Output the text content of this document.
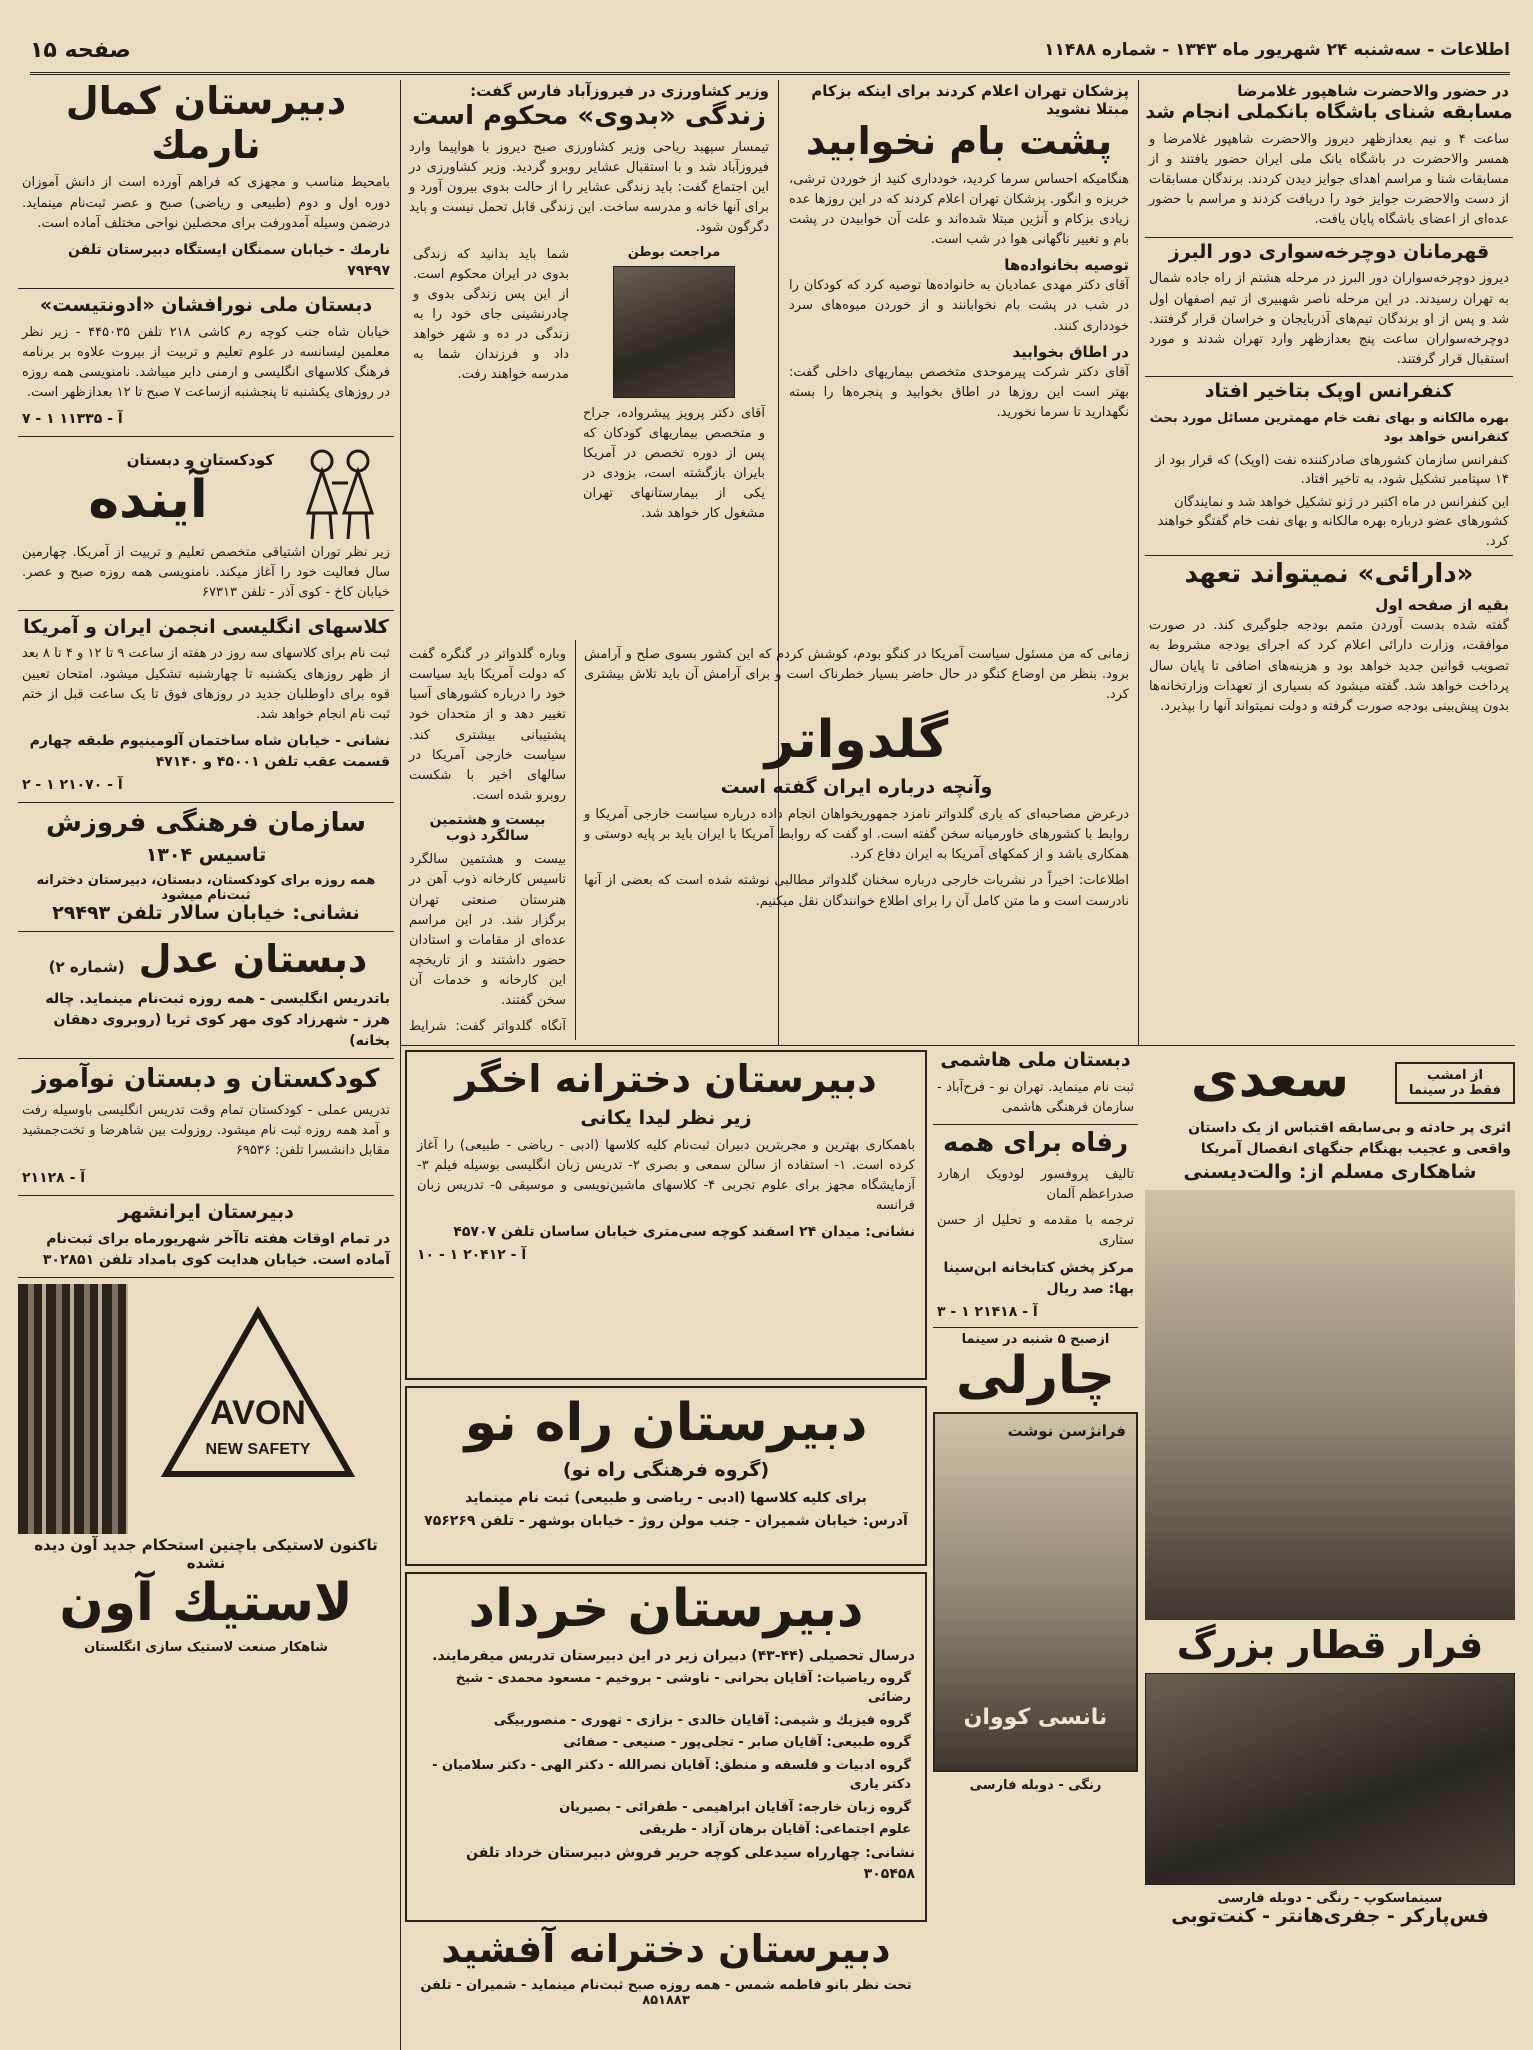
اطلاعات - سه‌شنبه ۲۴ شهریور ماه ۱۳۴۳ - شماره ۱۱۴۸۸
صفحه ۱۵
در حضور والاحضرت شاهپور غلامرضا
مسابقه شنای باشگاه بانکملی انجام شد

ساعت ۴ و نیم بعدازظهر دیروز والاحضرت شاهپور غلامرضا و همسر والاحضرت در باشگاه بانک ملی ایران حضور یافتند و از مسابقات شنا و مراسم اهدای جوایز دیدن کردند. برندگان مسابقات از دست والاحضرت جوایز خود را دریافت کردند و مراسم با حضور عده‌ای از اعضای باشگاه پایان یافت.

قهرمانان دوچرخه‌سواری دور البرز

دیروز دوچرخه‌سواران دور البرز در مرحله هشتم از راه جاده شمال به تهران رسیدند. در این مرحله ناصر شهبیری از تیم اصفهان اول شد و پس از او برندگان تیم‌های آذربایجان و خراسان قرار گرفتند. دوچرخه‌سواران ساعت پنج بعدازظهر وارد تهران شدند و مورد استقبال قرار گرفتند.

کنفرانس اوپک بتاخیر افتاد
بهره مالکانه و بهای نفت خام مهمترین مسائل مورد بحث کنفرانس خواهد بود
کنفرانس سازمان کشورهای صادرکننده نفت (اوپک) که قرار بود از ۱۴ سپتامبر تشکیل شود، به تاخیر افتاد.
این کنفرانس در ماه اکتبر در ژنو تشکیل خواهد شد و نمایندگان کشورهای عضو درباره بهره مالکانه و بهای نفت خام گفتگو خواهند کرد.
«دارائی» نمیتواند تعهد
بقیه از صفحه اول

گفته شده بدست آوردن متمم بودجه جلوگیری کند. در صورت موافقت، وزارت دارائی اعلام کرد که اجرای بودجه مشروط به تصویب قوانین جدید خواهد بود و هزینه‌های اضافی تا پایان سال پرداخت خواهد شد. گفته میشود که بسیاری از تعهدات وزارتخانه‌ها بدون پیش‌بینی بودجه صورت گرفته و دولت نمیتواند آنها را بپذیرد.

پزشکان تهران اعلام کردند برای اینکه بزکام مبتلا نشوید
پشت بام نخوابید

هنگامیکه احساس سرما کردید، خودداری کنید از خوردن ترشی، خربزه و انگور. پزشکان تهران اعلام کردند که در این روزها عده زیادی بزکام و آنژین مبتلا شده‌اند و علت آن خوابیدن در پشت بام و تغییر ناگهانی هوا در شب است.

توصیه بخانواده‌ها

آقای دکتر مهدی عمادیان به خانواده‌ها توصیه کرد که کودکان را در شب در پشت بام نخوابانند و از خوردن میوه‌های سرد خودداری کنند.

در اطاق بخوابید

آقای دکتر شرکت پیرموحدی متخصص بیماریهای داخلی گفت: بهتر است این روزها در اطاق بخوابید و پنجره‌ها را بسته نگهدارید تا سرما نخورید.

وزیر کشاورزی در فیروزآباد فارس گفت:
زندگی «بدوی» محکوم است

تیمسار سپهبد ریاحی وزیر کشاورزی صبح دیروز با هواپیما وارد فیروزآباد شد و با استقبال عشایر روبرو گردید. وزیر کشاورزی در این اجتماع گفت: باید زندگی عشایر را از حالت بدوی بیرون آورد و برای آنها خانه و مدرسه ساخت. این زندگی قابل تحمل نیست و باید دگرگون شود.

مراجعت بوطن

آقای دکتر پرویز پیشرواده، جراح و متخصص بیماریهای کودکان که پس از دوره تخصص در آمریکا بایران بازگشته است، بزودی در یکی از بیمارستانهای تهران مشغول کار خواهد شد.

شما باید بدانید که زندگی بدوی در ایران محکوم است. از این پس زندگی بدوی و چادرنشینی جای خود را به زندگی در ده و شهر خواهد داد و فرزندان شما به مدرسه خواهند رفت.

زمانی که من مسئول سیاست آمریکا در کنگو بودم، کوشش کردم که این کشور بسوی صلح و آرامش برود. بنظر من اوضاع کنگو در حال حاضر بسیار خطرناک است و برای آرامش آن باید تلاش بیشتری کرد.

گلدواتر
وآنچه درباره ایران گفته است

درعرض مصاحبه‌ای که باری گلدواتر نامزد جمهوریخواهان انجام داده درباره سیاست خارجی آمریکا و روابط با کشورهای خاورمیانه سخن گفته است. او گفت که روابط آمریکا با ایران باید بر پایه دوستی و همکاری باشد و از کمکهای آمریکا به ایران دفاع کرد.

اطلاعات: اخیراً در نشریات خارجی درباره سخنان گلدواتر مطالبی نوشته شده است که بعضی از آنها نادرست است و ما متن کامل آن را برای اطلاع خوانندگان نقل میکنیم.

وباره گلدواتر در گنگره گفت که دولت آمریکا باید سیاست خود را درباره کشورهای آسیا تغییر دهد و از متحدان خود پشتیبانی بیشتری کند. سیاست خارجی آمریکا در سالهای اخیر با شکست روبرو شده است.

بیست و هشتمین سالگرد ذوب

بیست و هشتمین سالگرد تاسیس کارخانه ذوب آهن در هنرستان صنعتی تهران برگزار شد. در این مراسم عده‌ای از مقامات و استادان حضور داشتند و از تاریخچه این کارخانه و خدمات آن سخن گفتند.

آنگاه گلدواتر گفت: شرایط

دبیرستان کمال نارمك

بامحیط مناسب و مجهزی که فراهم آورده است از دانش آموزان دوره اول و دوم (طبیعی و ریاضی) صبح و عصر ثبت‌نام مینماید. درضمن وسیله آمدورفت برای محصلین نواحی مختلف آماده است.

نارمك - خیابان سمنگان ایستگاه دبیرستان تلفن ۷۹۴۹۷
دبستان ملی نورافشان «ادونتیست»

خیابان شاه جنب کوچه رم کاشی ۲۱۸ تلفن ۴۴۵۰۳۵ - زیر نظر معلمین لیسانسه در علوم تعلیم و تربیت از بیروت علاوه بر برنامه فرهنگ کلاسهای انگلیسی و ارمنی دایر میباشد. نامنویسی همه روزه در روزهای یکشنبه تا پنجشنبه ازساعت ۷ صبح تا ۱۲ بعدازظهر است.

آ - ۱۱۳۳۵ ۱ - ۷
کودکستان و دبستان
آینده

زیر نظر توران اشتیاقی متخصص تعلیم و تربیت از آمریکا. چهارمین سال فعالیت خود را آغاز میکند. نامنویسی همه روزه صبح و عصر. خیابان کاخ - کوی آذر - تلفن ۶۷۳۱۳

کلاسهای انگلیسی انجمن ایران و آمریکا

ثبت نام برای کلاسهای سه روز در هفته از ساعت ۹ تا ۱۲ و ۴ تا ۸ بعد از ظهر روزهای یکشنبه تا چهارشنبه تشکیل میشود. امتحان تعیین قوه برای داوطلبان جدید در روزهای فوق تا یک ساعت قبل از ختم ثبت نام انجام خواهد شد.

نشانی - خیابان شاه ساختمان آلومینیوم طبقه چهارم قسمت عقب تلفن ۴۵۰۰۱ و ۴۷۱۴۰
آ - ۲۱۰۷۰ ۱ - ۲
سازمان فرهنگی فروزش
تاسیس ۱۳۰۴
همه روزه برای کودکستان، دبستان، دبیرستان دخترانه ثبت‌نام میشود
نشانی: خیابان سالار تلفن ۲۹۴۹۳
دبستان عدل
(شماره ۲)
باتدریس انگلیسی - همه روزه ثبت‌نام مینماید. چاله هرز - شهرزاد کوی مهر کوی ثریا (روبروی دهقان بخانه)
کودکستان و دبستان نوآموز

تدریس عملی - کودکستان تمام وقت تدریس انگلیسی باوسیله رفت و آمد همه روزه ثبت نام میشود. روزولت بین شاهرضا و تخت‌جمشید مقابل دانشسرا تلفن: ۶۹۵۳۶

آ - ۲۱۱۲۸
دبیرستان ایرانشهر
در تمام اوقات هفته تاآخر شهریورماه برای ثبت‌نام آماده است. خیابان هدایت کوی بامداد تلفن ۳۰۲۸۵۱
AVON
NEW SAFETY
تاکنون لاستیکی باچنین استحکام جدید آون دیده نشده
لاستیك آون
شاهکار صنعت لاستیک سازی انگلستان
دبیرستان دخترانه اخگر
زیر نظر لیدا یکانی

باهمکاری بهترین و مجربترین دبیران ثبت‌نام کلیه کلاسها (ادبی - ریاضی - طبیعی) را آغاز کرده است. ۱- استفاده از سالن سمعی و بصری ۲- تدریس زبان انگلیسی بوسیله فیلم ۳- آزمایشگاه مجهز برای علوم تجربی ۴- کلاسهای ماشین‌نویسی و موسیقی ۵- تدریس زبان فرانسه

نشانی: میدان ۲۴ اسفند کوچه سی‌متری خیابان ساسان تلفن ۴۵۷۰۷
آ - ۲۰۴۱۲ ۱ - ۱۰
دبیرستان راه نو
(گروه فرهنگی راه نو)
برای کلیه کلاسها (ادبی - ریاضی و طبیعی) ثبت نام مینماید
آدرس: خیابان شمیران - جنب مولن روژ - خیابان بوشهر - تلفن ۷۵۶۲۶۹
دبیرستان خرداد
درسال تحصیلی (۴۴-۴۳) دبیران زیر در این دبیرستان تدریس میفرمایند.
گروه ریاضیات: آقایان بحرانی - ناوشی - بروخیم - مسعود محمدی - شیخ رضائی
گروه فیزیك و شیمی: آقایان خالدی - بزازی - تهوری - منصوربیگی
گروه طبیعی: آقایان صابر - تجلی‌پور - صنیعی - صفائی
گروه ادبیات و فلسفه و منطق: آقایان نصرالله - دکتر الهی - دکتر سلامیان - دکتر یاری
گروه زبان خارجه: آقایان ابراهیمی - طفرائی - بصیریان
علوم اجتماعی: آقایان برهان آزاد - طریقی
نشانی: چهارراه سیدعلی کوچه حریر فروش دبیرستان خرداد تلفن ۳۰۵۴۵۸
دبیرستان دخترانه آفشید
تحت نظر بانو فاطمه شمس - همه روزه صبح ثبت‌نام مینماید - شمیران - تلفن ۸۵۱۸۸۳
دبستان ملی هاشمی

ثبت نام مینماید. تهران نو - فرح‌آباد - سازمان فرهنگی هاشمی

رفاه برای همه

تالیف پروفسور لودویک ارهارد صدراعظم آلمان

ترجمه با مقدمه و تحلیل از حسن ستاری

مرکز پخش کتابخانه ابن‌سینا بها: صد ریال
آ - ۲۱۴۱۸ ۱ - ۳
ازصبح ۵ شنبه در سینما
چارلی
فرانژسن نوشت
نانسی کووان
رنگی - دوبله فارسی
از امشب
فقط در سینما
سعدی
اثری پر حادثه و بی‌سابقه اقتباس از یک داستان واقعی و عجیب بهنگام جنگهای انفصال آمریکا
شاهکاری مسلم از: والت‌دیسنی
فرار قطار بزرگ
سینماسکوپ - رنگی - دوبله فارسی
فس‌پارکر - جفری‌هانتر - کنت‌توبی
